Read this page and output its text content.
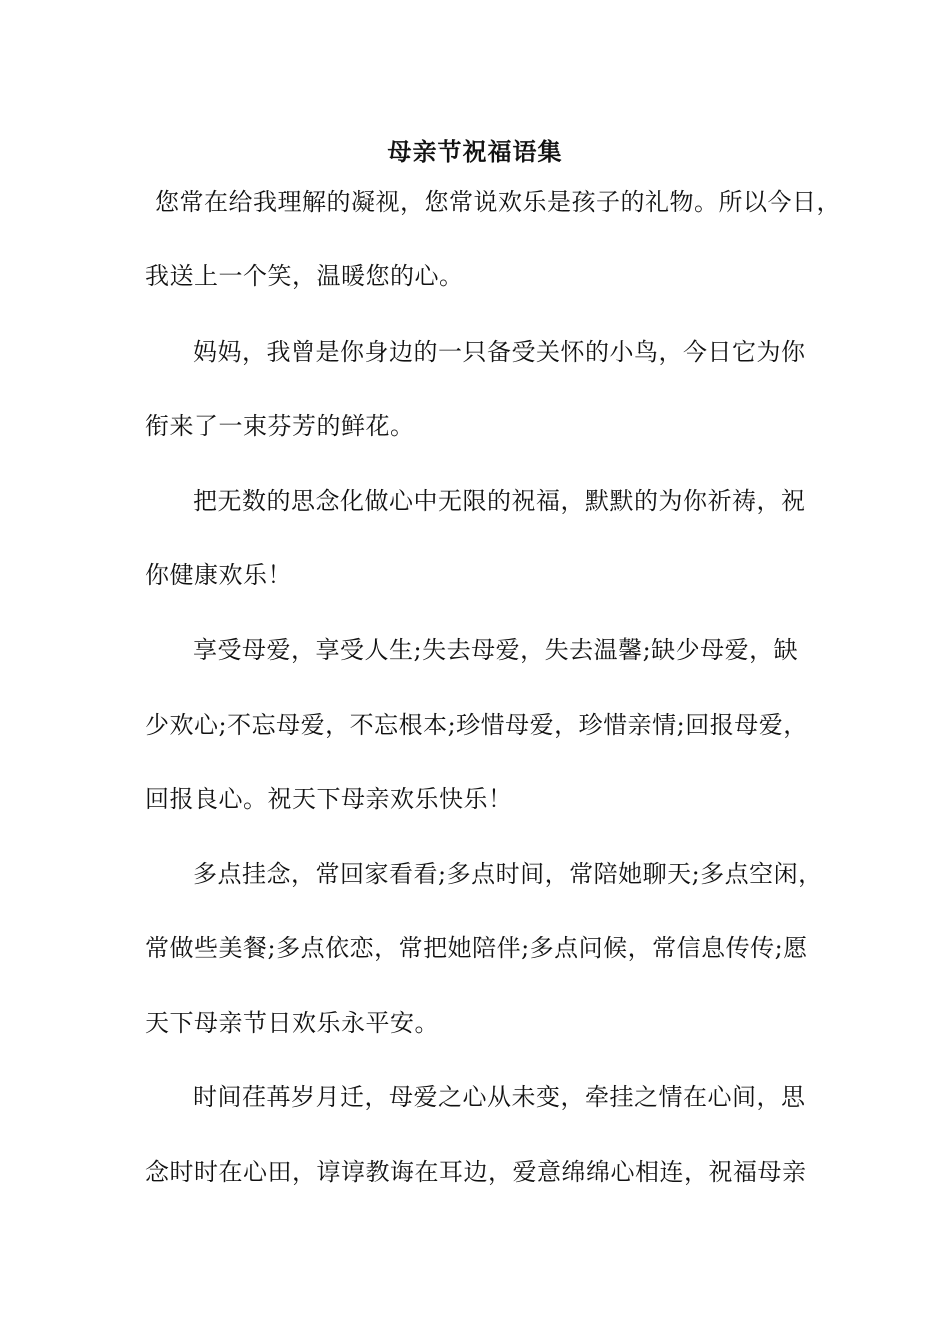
母亲节祝福语集
您常在给我理解的凝视，您常说欢乐是孩子的礼物。所以今日，
我送上一个笑，温暖您的心。
妈妈，我曾是你身边的一只备受关怀的小鸟，今日它为你
衔来了一束芬芳的鲜花。
把无数的思念化做心中无限的祝福，默默的为你祈祷，祝
你健康欢乐！
享受母爱，享受人生;失去母爱，失去温馨;缺少母爱，缺
少欢心;不忘母爱，不忘根本;珍惜母爱，珍惜亲情;回报母爱，
回报良心。祝天下母亲欢乐快乐！
多点挂念，常回家看看;多点时间，常陪她聊天;多点空闲，
常做些美餐;多点依恋，常把她陪伴;多点问候，常信息传传;愿
天下母亲节日欢乐永平安。
时间荏苒岁月迁，母爱之心从未变，牵挂之情在心间，思
念时时在心田，谆谆教诲在耳边，爱意绵绵心相连，祝福母亲
